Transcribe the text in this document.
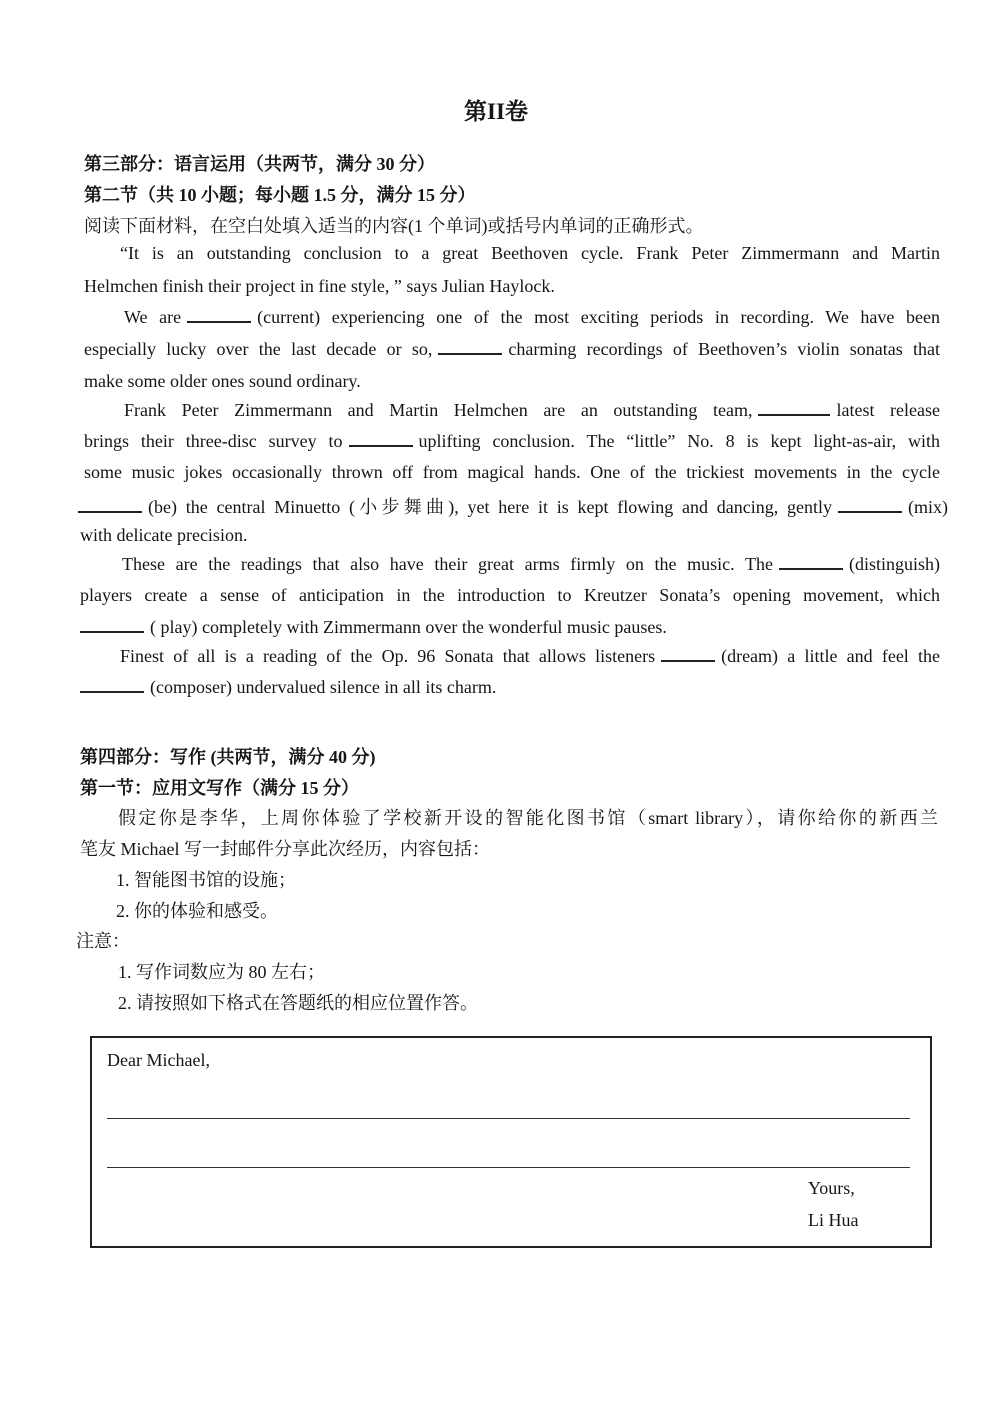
第II卷
第三部分：语言运用（共两节，满分 30 分）
第二节（共 10 小题；每小题 1.5 分，满分 15 分）
阅读下面材料，在空白处填入适当的内容(1 个单词)或括号内单词的正确形式。
“It is an outstanding conclusion to a great Beethoven cycle. Frank Peter Zimmermann and Martin
Helmchen finish their project in fine style, ” says Julian Haylock.
We are	(current) experiencing one of the most exciting periods in recording. We have been
especially lucky over the last decade or so,	charming recordings of Beethoven’s violin sonatas that
make some older ones sound ordinary.
Frank Peter Zimmermann and Martin Helmchen are an outstanding team,	latest release
brings their three-disc survey to	uplifting conclusion. The “little” No. 8 is kept light-as-air, with
some music jokes occasionally thrown off from magical hands. One of the trickiest movements in the cycle
(be) the central Minuetto (小步舞曲), yet here it is kept flowing and dancing, gently	(mix)
with delicate precision.
These are the readings that also have their great arms firmly on the music. The	(distinguish)
players create a sense of anticipation in the introduction to Kreutzer Sonata’s opening movement, which
( play) completely with Zimmermann over the wonderful music pauses.
Finest of all is a reading of the Op. 96 Sonata that allows listeners	(dream) a little and feel the
(composer) undervalued silence in all its charm.
第四部分：写作 (共两节，满分 40 分)
第一节：应用文写作（满分 15 分）
假定你是李华，上周你体验了学校新开设的智能化图书馆（smart library），请你给你的新西兰
笔友 Michael 写一封邮件分享此次经历，内容包括：
1. 智能图书馆的设施；
2. 你的体验和感受。
注意：
1. 写作词数应为 80 左右；
2. 请按照如下格式在答题纸的相应位置作答。
Dear Michael,
Yours,
Li Hua
